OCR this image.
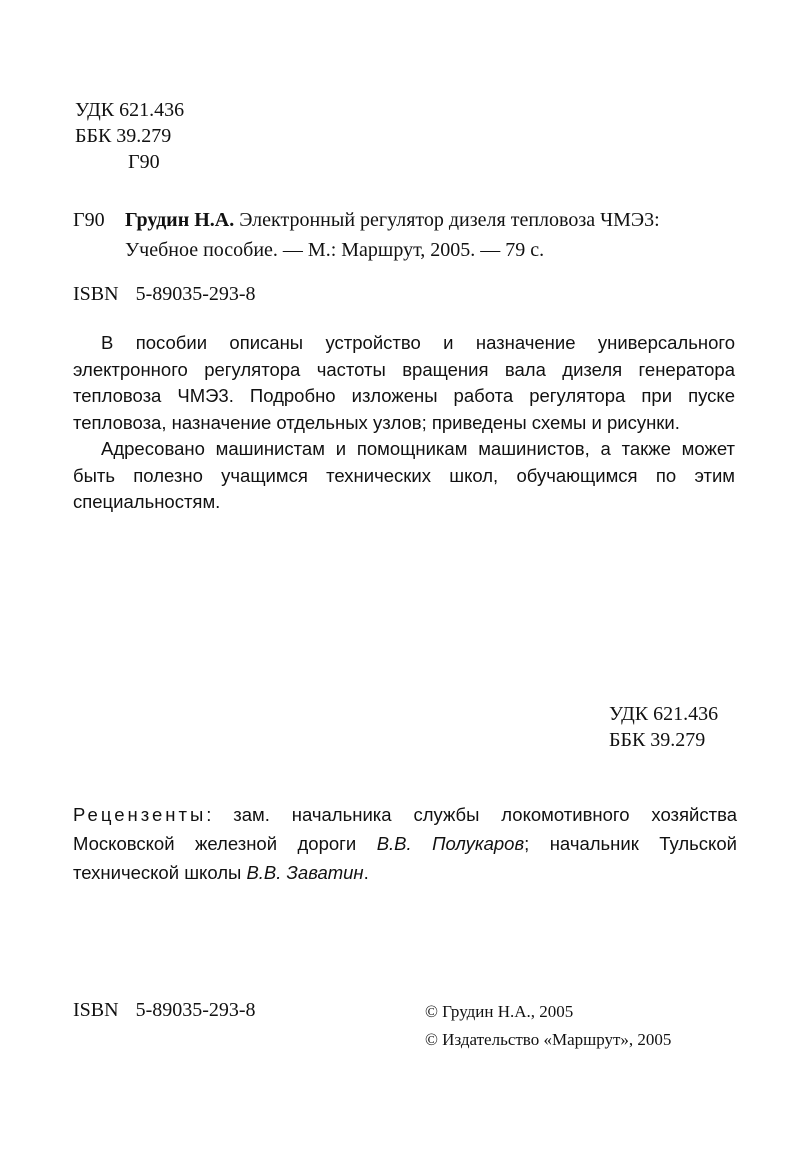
УДК 621.436
ББК 39.279
Г90
Г90 Грудин Н.А. Электронный регулятор дизеля тепловоза ЧМЭ3:
Учебное пособие. — М.: Маршрут, 2005. — 79 с.
ISBN 5-89035-293-8

В пособии описаны устройство и назначение универсального электронного регулятора частоты вращения вала дизеля генератора тепловоза ЧМЭ3. Подробно изложены работа регулятора при пуске тепловоза, назначение отдельных узлов; приведены схемы и рисунки.

Адресовано машинистам и помощникам машинистов, а также может быть полезно учащимся технических школ, обучающимся по этим специальностям.

УДК 621.436
ББК 39.279
Рецензенты: зам. начальника службы локомотивного хозяйства Московской железной дороги В.В. Полукаров; начальник Тульской технической школы В.В. Заватин.
ISBN 5-89035-293-8	© Грудин Н.А., 2005
© Издательство «Маршрут», 2005
